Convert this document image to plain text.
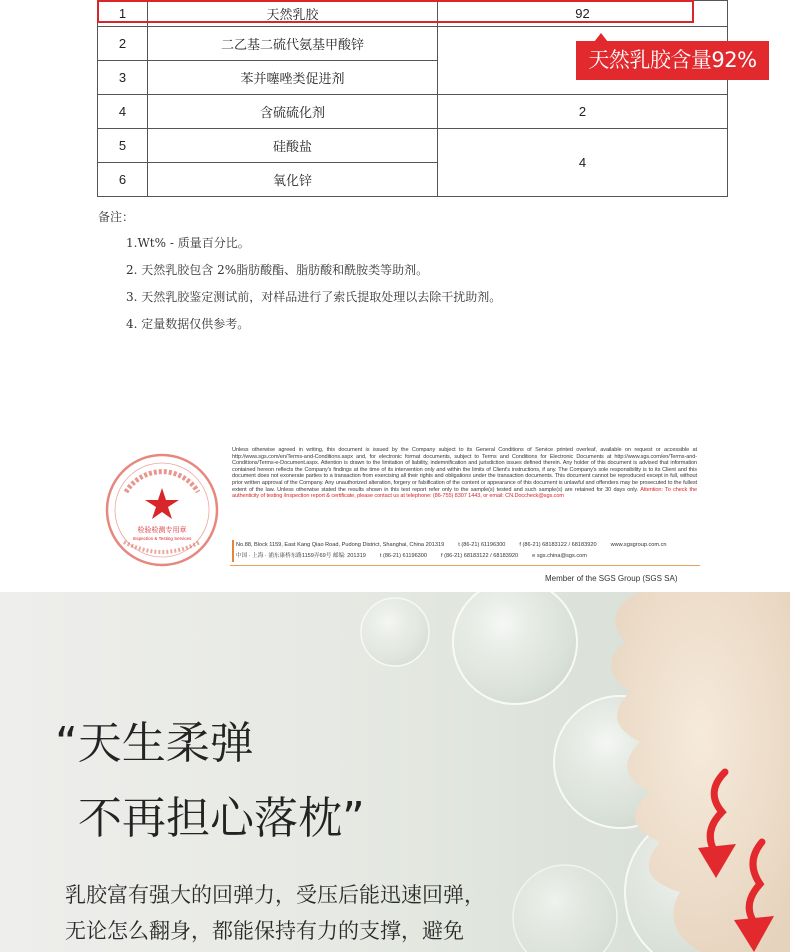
1	天然乳胶	92
2	二乙基二硫代氨基甲酸锌	
3	苯并噻唑类促进剂	
4	含硫硫化剂	2
5	硅酸盐	4
6	氧化锌	
天然乳胶含量92%
备注：
1.Wt% - 质量百分比。
2. 天然乳胶包含 2%脂肪酸酯、脂肪酸和酰胺类等助剂。
3. 天然乳胶鉴定测试前，对样品进行了索氏提取处理以去除干扰助剂。
4. 定量数据仅供参考。
检验检测专用章
Inspection & Testing Services
Unless otherwise agreed in writing, this document is issued by the Company subject to its General Conditions of Service printed overleaf, available on request or accessible at http://www.sgs.com/en/Terms-and-Conditions.aspx and, for electronic format documents, subject to Terms and Conditions for Electronic Documents at http://www.sgs.com/en/Terms-and-Conditions/Terms-e-Document.aspx. Attention is drawn to the limitation of liability, indemnification and jurisdiction issues defined therein. Any holder of this document is advised that information contained hereon reflects the Company's findings at the time of its intervention only and within the limits of Client's instructions, if any. The Company's sole responsibility is to its Client and this document does not exonerate parties to a transaction from exercising all their rights and obligations under the transaction documents. This document cannot be reproduced except in full, without prior written approval of the Company. Any unauthorized alteration, forgery or falsification of the content or appearance of this document is unlawful and offenders may be prosecuted to the fullest extent of the law. Unless otherwise stated the results shown in this test report refer only to the sample(s) tested and such sample(s) are retained for 30 days only. Attention: To check the authenticity of testing /inspection report & certificate, please contact us at telephone: (86-755) 8307 1443, or email: CN.Doccheck@sgs.com
No.88, Block 1159, East Kang Qiao Road, Pudong District, Shanghai, China 201319	t (86-21) 61196300	f (86-21) 68183122 / 68183920	www.sgsgroup.com.cn
中国 · 上海 · 浦东康桥东路1159弄69号 邮编: 201319	t (86-21) 61196300	f (86-21) 68183122 / 68183920	e sgs.china@sgs.com
Member of the SGS Group (SGS SA)
“天生柔弹
不再担心落枕”
乳胶富有强大的回弹力，受压后能迅速回弹，
无论怎么翻身，都能保持有力的支撑，避免
